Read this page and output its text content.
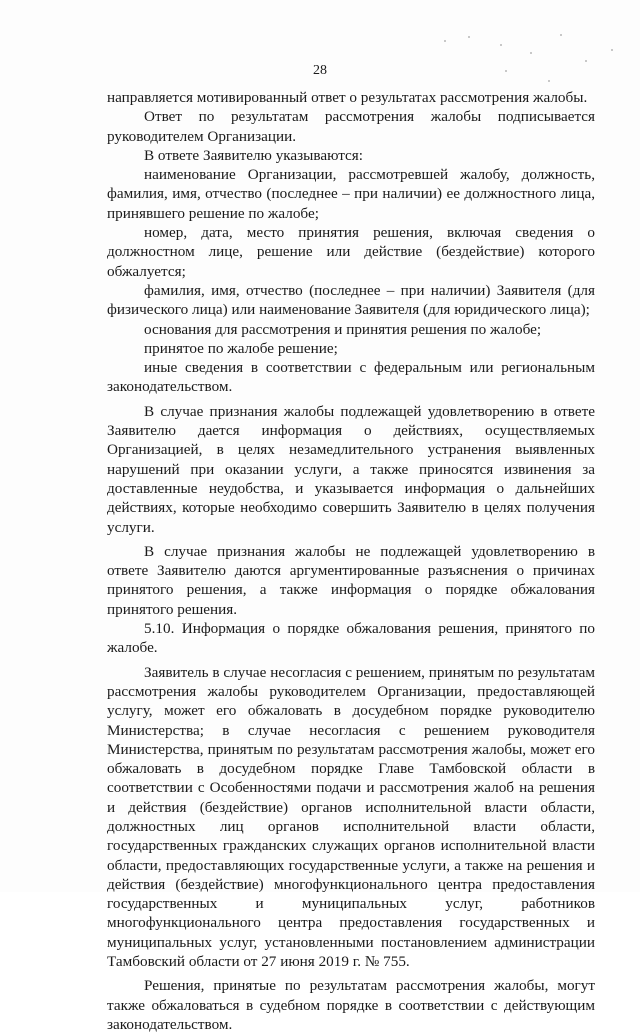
28

направляется мотивированный ответ о результатах рассмотрения жалобы.

Ответ по результатам рассмотрения жалобы подписывается руководителем Организации.

В ответе Заявителю указываются:

наименование Организации, рассмотревшей жалобу, должность, фамилия, имя, отчество (последнее – при наличии) ее должностного лица, принявшего решение по жалобе;

номер, дата, место принятия решения, включая сведения о должностном лице, решение или действие (бездействие) которого обжалуется;

фамилия, имя, отчество (последнее – при наличии) Заявителя (для физического лица) или наименование Заявителя (для юридического лица);

основания для рассмотрения и принятия решения по жалобе;

принятое по жалобе решение;

иные сведения в соответствии с федеральным или региональным законодательством.

В случае признания жалобы подлежащей удовлетворению в ответе Заявителю дается информация о действиях, осуществляемых Организацией, в целях незамедлительного устранения выявленных нарушений при оказании услуги, а также приносятся извинения за доставленные неудобства, и указывается информация о дальнейших действиях, которые необходимо совершить Заявителю в целях получения услуги.

В случае признания жалобы не подлежащей удовлетворению в ответе Заявителю даются аргументированные разъяснения о причинах принятого решения, а также информация о порядке обжалования принятого решения.

5.10. Информация о порядке обжалования решения, принятого по жалобе.

Заявитель в случае несогласия с решением, принятым по результатам рассмотрения жалобы руководителем Организации, предоставляющей услугу, может его обжаловать в досудебном порядке руководителю Министерства; в случае несогласия с решением руководителя Министерства, принятым по результатам рассмотрения жалобы, может его обжаловать в досудебном порядке Главе Тамбовской области в соответствии с Особенностями подачи и рассмотрения жалоб на решения и действия (бездействие) органов исполнительной власти области, должностных лиц органов исполнительной власти области, государственных гражданских служащих органов исполнительной власти области, предоставляющих государственные услуги, а также на решения и действия (бездействие) многофункционального центра предоставления государственных и муниципальных услуг, работников многофункционального центра предоставления государственных и муниципальных услуг, установленными постановлением администрации Тамбовский области от 27 июня 2019 г. № 755.

Решения, принятые по результатам рассмотрения жалобы, могут также обжаловаться в судебном порядке в соответствии с действующим законодательством.
